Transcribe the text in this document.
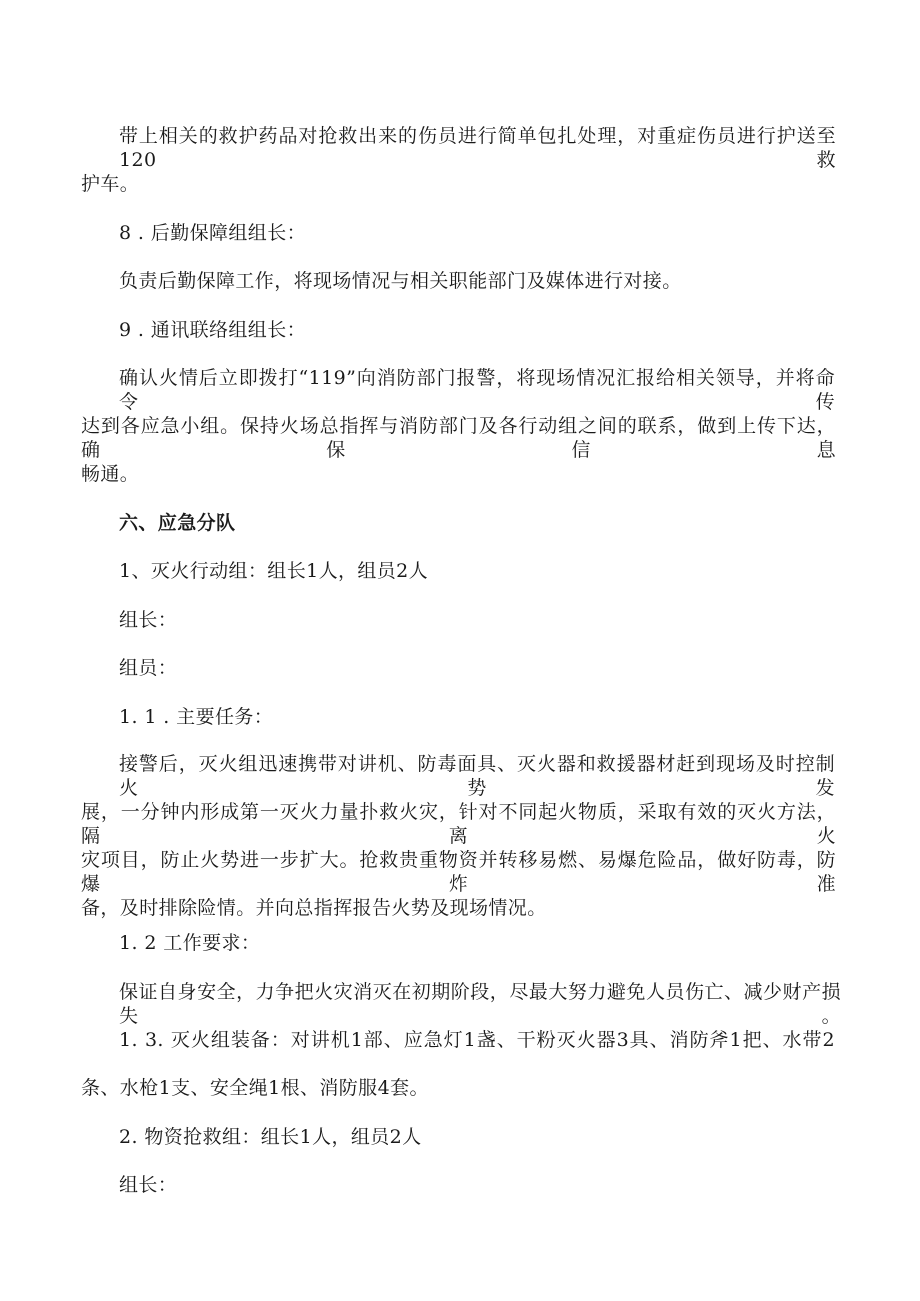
带上相关的救护药品对抢救出来的伤员进行简单包扎处理，对重症伤员进行护送至120救
护车。
8 . 后勤保障组组长：
负责后勤保障工作，将现场情况与相关职能部门及媒体进行对接。
9 . 通讯联络组组长：
确认火情后立即拨打“119”向消防部门报警，将现场情况汇报给相关领导，并将命令传
达到各应急小组。保持火场总指挥与消防部门及各行动组之间的联系，做到上传下达，确保信息
畅通。
六、应急分队
1、灭火行动组：组长1人，组员2人
组长：
组员：
1. 1 . 主要任务：
接警后，灭火组迅速携带对讲机、防毒面具、灭火器和救援器材赶到现场及时控制火势发
展，一分钟内形成第一灭火力量扑救火灾，针对不同起火物质，采取有效的灭火方法，隔离火
灾项目，防止火势进一步扩大。抢救贵重物资并转移易燃、易爆危险品，做好防毒，防爆炸准
备，及时排除险情。并向总指挥报告火势及现场情况。
1. 2 工作要求：
保证自身安全，力争把火灾消灭在初期阶段，尽最大努力避免人员伤亡、减少财产损失。
1. 3. 灭火组装备：对讲机1部、应急灯1盏、干粉灭火器3具、消防斧1把、水带2
条、水枪1支、安全绳1根、消防服4套。
2. 物资抢救组：组长1人，组员2人
组长：
